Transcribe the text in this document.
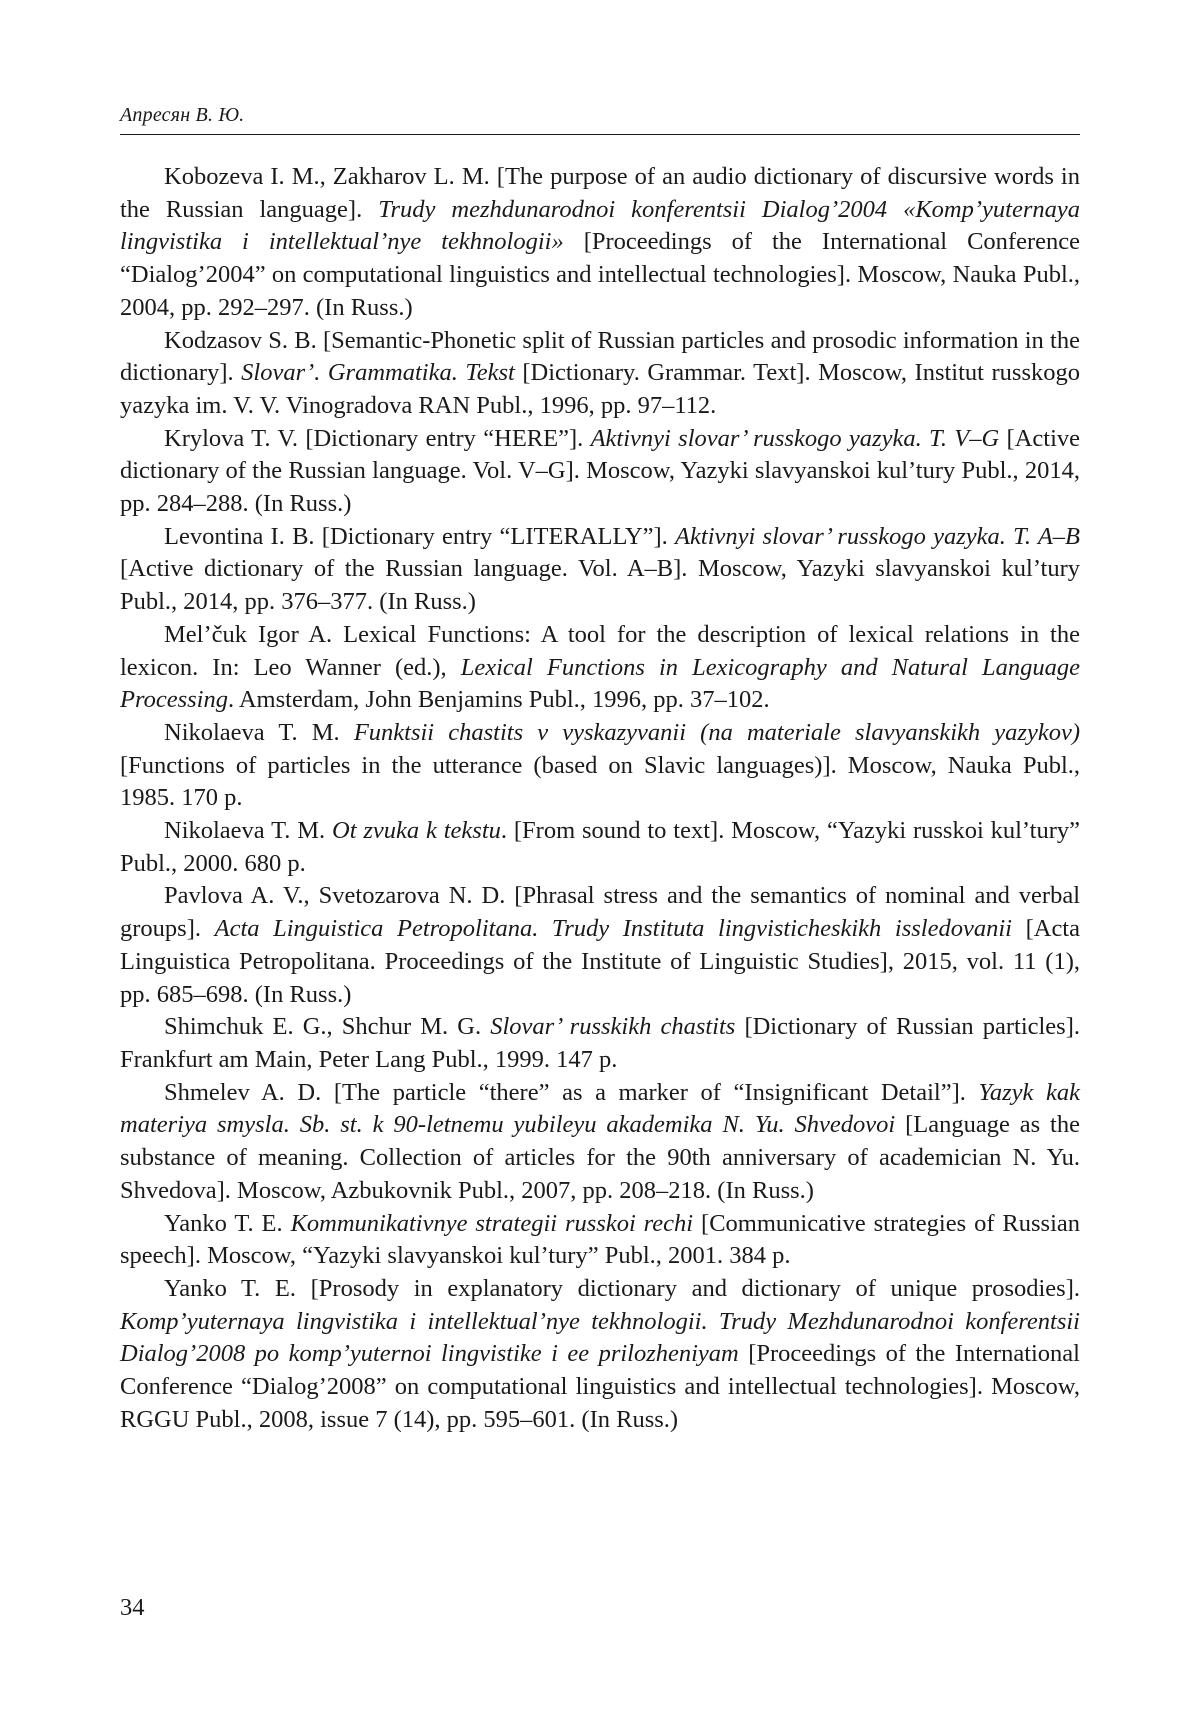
Апресян В. Ю.

Kobozeva I. M., Zakharov L. M. [The purpose of an audio dictionary of discursive words in the Russian language]. Trudy mezhdunarodnoi konferentsii Dialog’2004 «Komp’yuternaya lingvistika i intellektual’nye tekhnologii» [Proceedings of the International Conference “Dialog’2004” on computational linguistics and intellectual technologies]. Moscow, Nauka Publ., 2004, pp. 292–297. (In Russ.)

Kodzasov S. B. [Semantic-Phonetic split of Russian particles and prosodic information in the dictionary]. Slovar’. Grammatika. Tekst [Dictionary. Grammar. Text]. Moscow, Institut russkogo yazyka im. V. V. Vinogradova RAN Publ., 1996, pp. 97–112.

Krylova T. V. [Dictionary entry “HERE”]. Aktivnyi slovar’ russkogo yazyka. T. V–G [Active dictionary of the Russian language. Vol. V–G]. Moscow, Yazyki slavyanskoi kul’tury Publ., 2014, pp. 284–288. (In Russ.)

Levontina I. B. [Dictionary entry “LITERALLY”]. Aktivnyi slovar’ russkogo yazyka. T. A–B [Active dictionary of the Russian language. Vol. A–B]. Moscow, Yazyki slavyanskoi kul’tury Publ., 2014, pp. 376–377. (In Russ.)

Mel’čuk Igor A. Lexical Functions: A tool for the description of lexical relations in the lexicon. In: Leo Wanner (ed.), Lexical Functions in Lexicography and Natural Language Processing. Amsterdam, John Benjamins Publ., 1996, pp. 37–102.

Nikolaeva T. M. Funktsii chastits v vyskazyvanii (na materiale slavyanskikh yazykov) [Functions of particles in the utterance (based on Slavic languages)]. Moscow, Nauka Publ., 1985. 170 p.

Nikolaeva T. M. Ot zvuka k tekstu. [From sound to text]. Moscow, “Yazyki russkoi kul’tury” Publ., 2000. 680 p.

Pavlova A. V., Svetozarova N. D. [Phrasal stress and the semantics of nominal and verbal groups]. Acta Linguistica Petropolitana. Trudy Instituta lingvisticheskikh issledovanii [Acta Linguistica Petropolitana. Proceedings of the Institute of Linguistic Studies], 2015, vol. 11 (1), pp. 685–698. (In Russ.)

Shimchuk E. G., Shchur M. G. Slovar’ russkikh chastits [Dictionary of Russian particles]. Frankfurt am Main, Peter Lang Publ., 1999. 147 p.

Shmelev A. D. [The particle “there” as a marker of “Insignificant Detail”]. Yazyk kak materiya smysla. Sb. st. k 90-letnemu yubileyu akademika N. Yu. Shvedovoi [Language as the substance of meaning. Collection of articles for the 90th anniversary of academician N. Yu. Shvedova]. Moscow, Azbukovnik Publ., 2007, pp. 208–218. (In Russ.)

Yanko T. E. Kommunikativnye strategii russkoi rechi [Communicative strategies of Russian speech]. Moscow, “Yazyki slavyanskoi kul’tury” Publ., 2001. 384 p.

Yanko T. E. [Prosody in explanatory dictionary and dictionary of unique prosodies]. Komp’yuternaya lingvistika i intellektual’nye tekhnologii. Trudy Mezhdunarodnoi konferentsii Dialog’2008 po komp’yuternoi lingvistike i ee prilozheniyam [Proceedings of the International Conference “Dialog’2008” on computational linguistics and intellectual technologies]. Moscow, RGGU Publ., 2008, issue 7 (14), pp. 595–601. (In Russ.)

34
